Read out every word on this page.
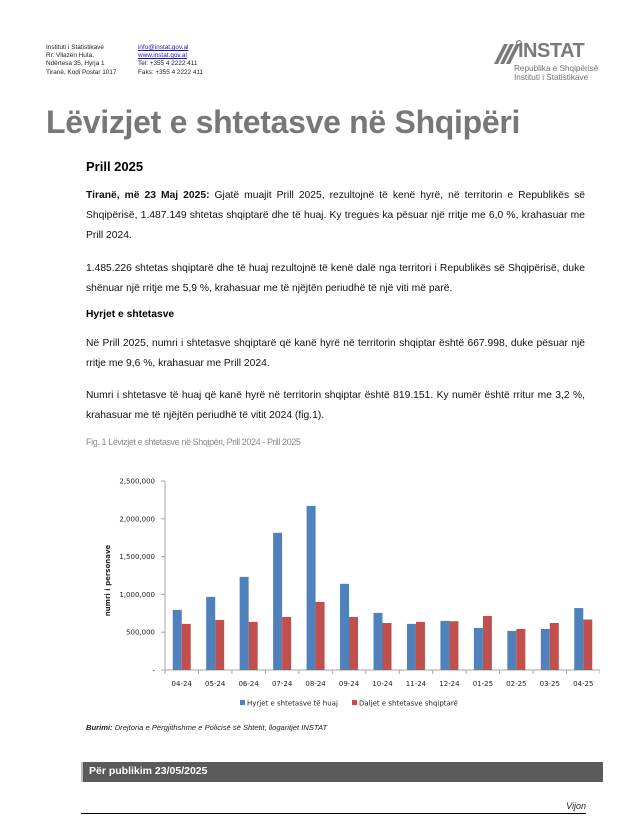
Instituti i Statistikave
Rr. Vllazën Huta,
Ndërtesa 35, Hyrja 1
Tiranë, Kodi Postar 1017
info@instat.gov.al
www.instat.gov.al
Tel: +355 4 2222 411
Faks: +355 4 2222 411
INSTAT
Republika e Shqipërisë
Instituti i Statistikave
Lëvizjet e shtetasve në Shqipëri
Prill 2025
Tiranë, më 23 Maj 2025: Gjatë muajit Prill 2025, rezultojnë të kenë hyrë, në territorin e Republikës së Shqipërisë, 1.487.149 shtetas shqiptarë dhe të huaj. Ky tregues ka pësuar një rritje me 6,0 %, krahasuar me Prill 2024.
1.485.226 shtetas shqiptarë dhe të huaj rezultojnë të kenë dalë nga territori i Republikës së Shqipërisë, duke shënuar një rritje me 5,9 %, krahasuar me të njëjtën periudhë të një viti më parë.
Hyrjet e shtetasve
Në Prill 2025, numri i shtetasve shqiptarë që kanë hyrë në territorin shqiptar është 667.998, duke pësuar një rritje me 9,6 %, krahasuar me Prill 2024.
Numri i shtetasve të huaj që kanë hyrë në territorin shqiptar është 819.151. Ky numër është rritur me 3,2 %, krahasuar me të njëjtën periudhë të vitit 2024 (fig.1).
Fig. 1 Lëvizjet e shtetasve në Shqipëri, Prill 2024 - Prill 2025
-
500,000
1,000,000
1,500,000
2,000,000
2,500,000
numri i personave
04-24 05-24 06-24 07-24 08-24 09-24 10-24 11-24 12-24 01-25 02-25 03-25 04-25
Hyrjet e shtetasve të huaj	Daljet e shtetasve shqiptarë
Burimi: Drejtoria e Përgjithshme e Policisë së Shtetit, llogaritjet INSTAT
Për publikim 23/05/2025
Vijon
